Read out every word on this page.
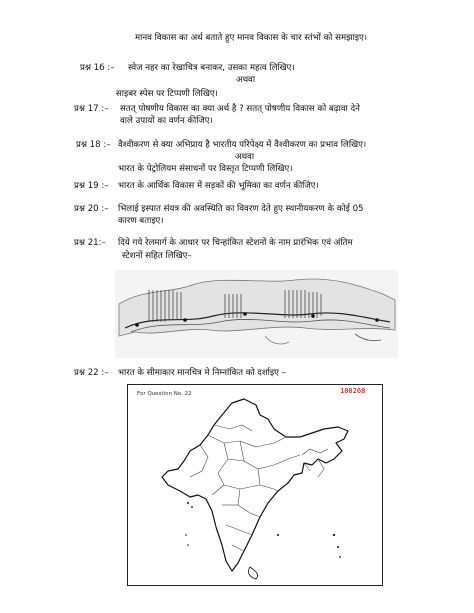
मानव विकास का अर्थ बताते हुए मानव विकास के चार स्तंभों को समझाइए।
प्रश्न 16 :– स्वेज नहर का रेखाचित्र बनाकर, उसका महत्व लिखिए।
अथवा
साइबर स्पेस पर टिप्पणी लिखिए।
प्रश्न 17 :– सतत् पोषणीय विकास का क्या अर्थ है ? सतत् पोषणीय विकास को बढ़ावा देने
वाले उपायों का वर्णन कीजिए।
प्रश्न 18 :– वैश्वीकरण से क्या अभिप्राय है भारतीय परिपेक्ष्य में वैश्वीकरण का प्रभाव लिखिए।
अथवा
भारत के पेट्रोलियम संसाधनों पर विस्तृत टिप्पणी लिखिए।
प्रश्न 19 :– भारत के आर्थिक विकास में सड़कों की भूमिका का वर्णन कीजिए।
प्रश्न 20 :– भिलाई इस्पात संयत्र की अवस्थिति का विवरण देते हुए स्थानीयकरण के कोई 05
कारण बताइए।
प्रश्न 21:– दिये गये रेलमार्ग के आधार पर चिन्हांकित स्टेशनों के नाम प्रारंभिक एवं अंतिम
स्टेशनों सहित लिखिए–
प्रश्न 22 :– भारत के सीमाकार मानचित्र मे निम्नांकित को दर्शाइए –
For Question No. 22	100268
